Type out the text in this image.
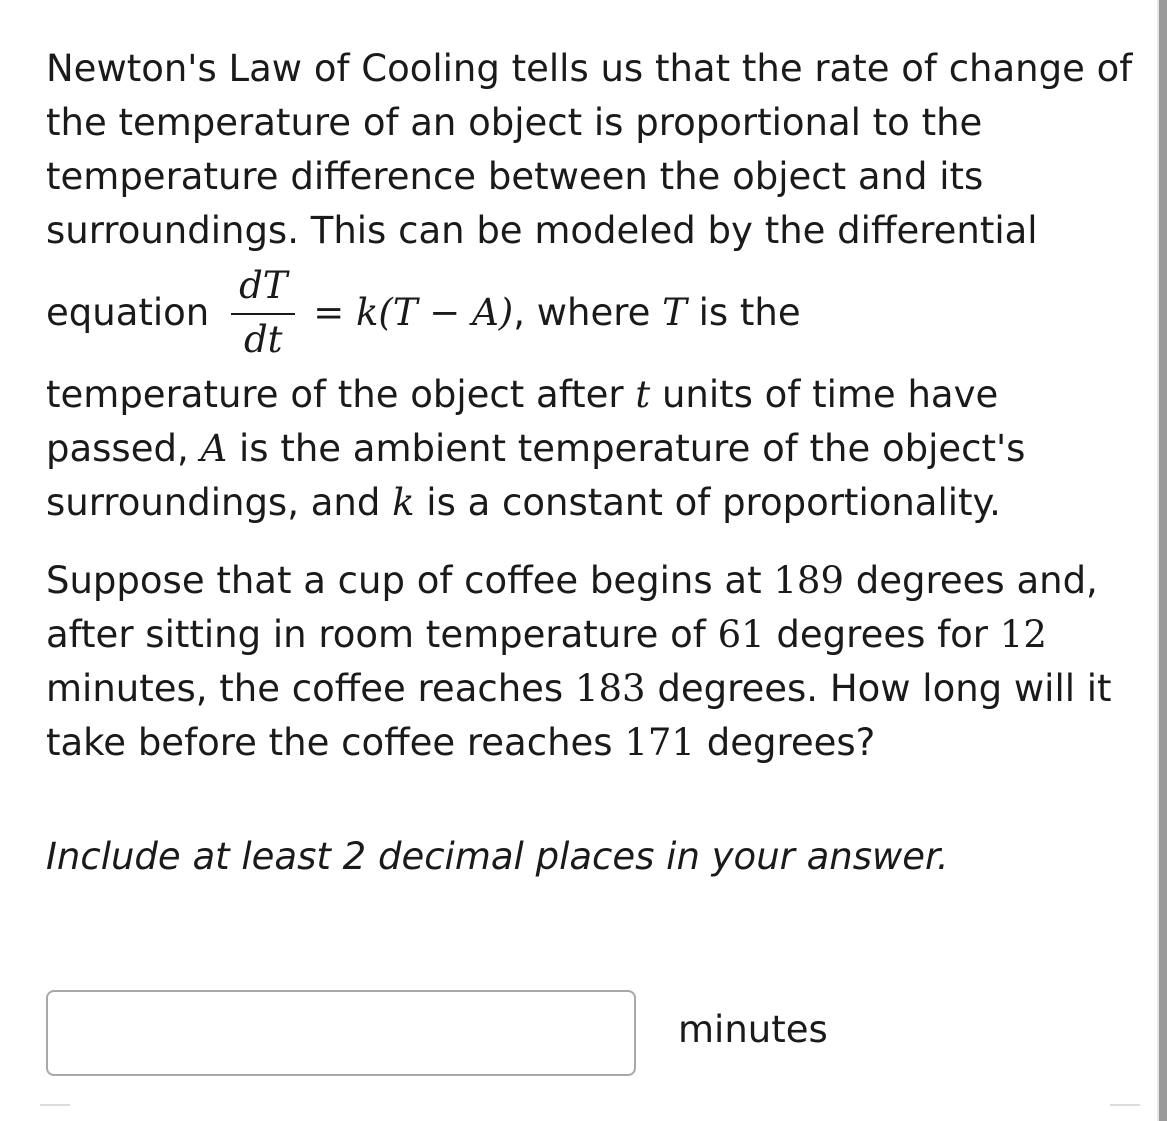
Newton's Law of Cooling tells us that the rate of change of the temperature of an object is proportional to the temperature difference between the object and its surroundings. This can be modeled by the differential

equation $\frac{dT}{dt} = k(T - A)$ , where T is the

temperature of the object after t units of time have passed, A is the ambient temperature of the object's surroundings, and k is a constant of proportionality.

Suppose that a cup of coffee begins at 189 degrees and, after sitting in room temperature of 61 degrees for 12 minutes, the coffee reaches 183 degrees. How long will it take before the coffee reaches 171 degrees?

Include at least 2 decimal places in your answer.

minutes
